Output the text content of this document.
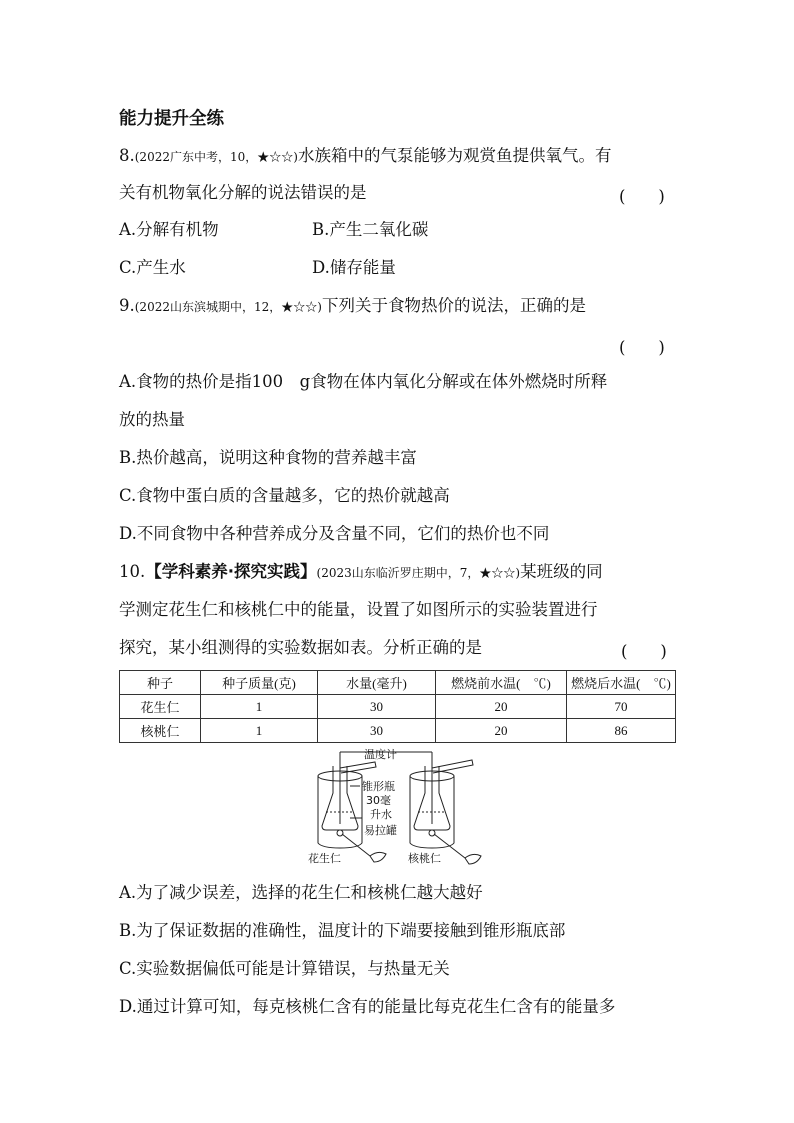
能力提升全练
8.(2022广东中考，10，★☆☆)水族箱中的气泵能够为观赏鱼提供氧气。有
关有机物氧化分解的说法错误的是	(　　)
A.分解有机物	B.产生二氧化碳
C.产生水	D.储存能量
9.(2022山东滨城期中，12，★☆☆)下列关于食物热价的说法，正确的是
(　　)
A.食物的热价是指100　g食物在体内氧化分解或在体外燃烧时所释
放的热量
B.热价越高，说明这种食物的营养越丰富
C.食物中蛋白质的含量越多，它的热价就越高
D.不同食物中各种营养成分及含量不同，它们的热价也不同
10.【学科素养·探究实践】(2023山东临沂罗庄期中，7，★☆☆)某班级的同
学测定花生仁和核桃仁中的能量，设置了如图所示的实验装置进行
探究，某小组测得的实验数据如表。分析正确的是	(　　)
种子	种子质量(克)	水量(毫升)	燃烧前水温(　℃)	燃烧后水温(　℃)
花生仁	1	30	20	70
核桃仁	1	30	20	86
温度计
锥形瓶
30毫
升水
易拉罐
花生仁	核桃仁
A.为了减少误差，选择的花生仁和核桃仁越大越好
B.为了保证数据的准确性，温度计的下端要接触到锥形瓶底部
C.实验数据偏低可能是计算错误，与热量无关
D.通过计算可知，每克核桃仁含有的能量比每克花生仁含有的能量多
